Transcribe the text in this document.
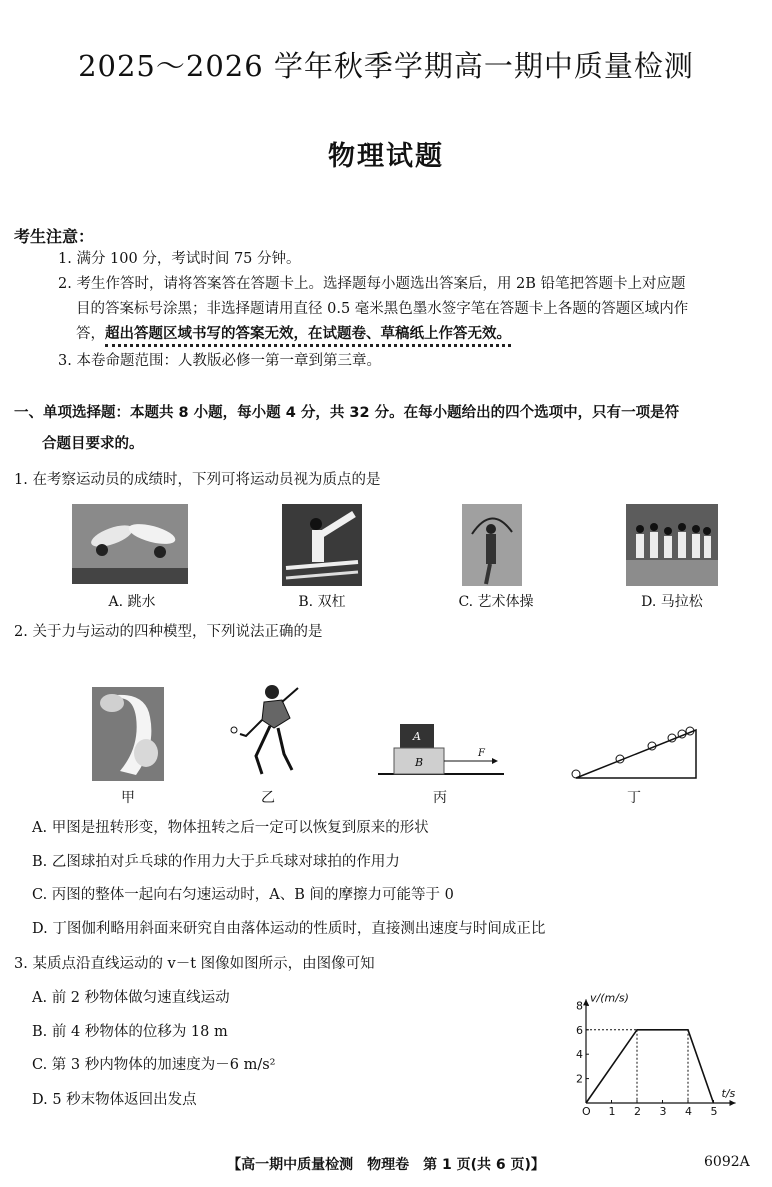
2025～2026 学年秋季学期高一期中质量检测
物理试题
考生注意：
1. 满分 100 分，考试时间 75 分钟。
2. 考生作答时，请将答案答在答题卡上。选择题每小题选出答案后，用 2B 铅笔把答题卡上对应题
目的答案标号涂黑；非选择题请用直径 0.5 毫米黑色墨水签字笔在答题卡上各题的答题区域内作
答，超出答题区域书写的答案无效，在试题卷、草稿纸上作答无效。
3. 本卷命题范围：人教版必修一第一章到第三章。
一、单项选择题：本题共 8 小题，每小题 4 分，共 32 分。在每小题给出的四个选项中，只有一项是符
合题目要求的。
1. 在考察运动员的成绩时，下列可将运动员视为质点的是
A. 跳水	B. 双杠	C. 艺术体操	D. 马拉松
2. 关于力与运动的四种模型，下列说法正确的是
A
B
F
甲	乙	丙	丁
A. 甲图是扭转形变，物体扭转之后一定可以恢复到原来的形状
B. 乙图球拍对乒乓球的作用力大于乒乓球对球拍的作用力
C. 丙图的整体一起向右匀速运动时，A、B 间的摩擦力可能等于 0
D. 丁图伽利略用斜面来研究自由落体运动的性质时，直接测出速度与时间成正比
3. 某质点沿直线运动的 v－t 图像如图所示，由图像可知
A. 前 2 秒物体做匀速直线运动
B. 前 4 秒物体的位移为 18 m
C. 第 3 秒内物体的加速度为－6 m/s²
D. 5 秒末物体返回出发点
O 1 2 3 4 5
2
4
6
8
v/(m/s)
t/s
【高一期中质量检测　物理卷　第 1 页(共 6 页)】	6092A
